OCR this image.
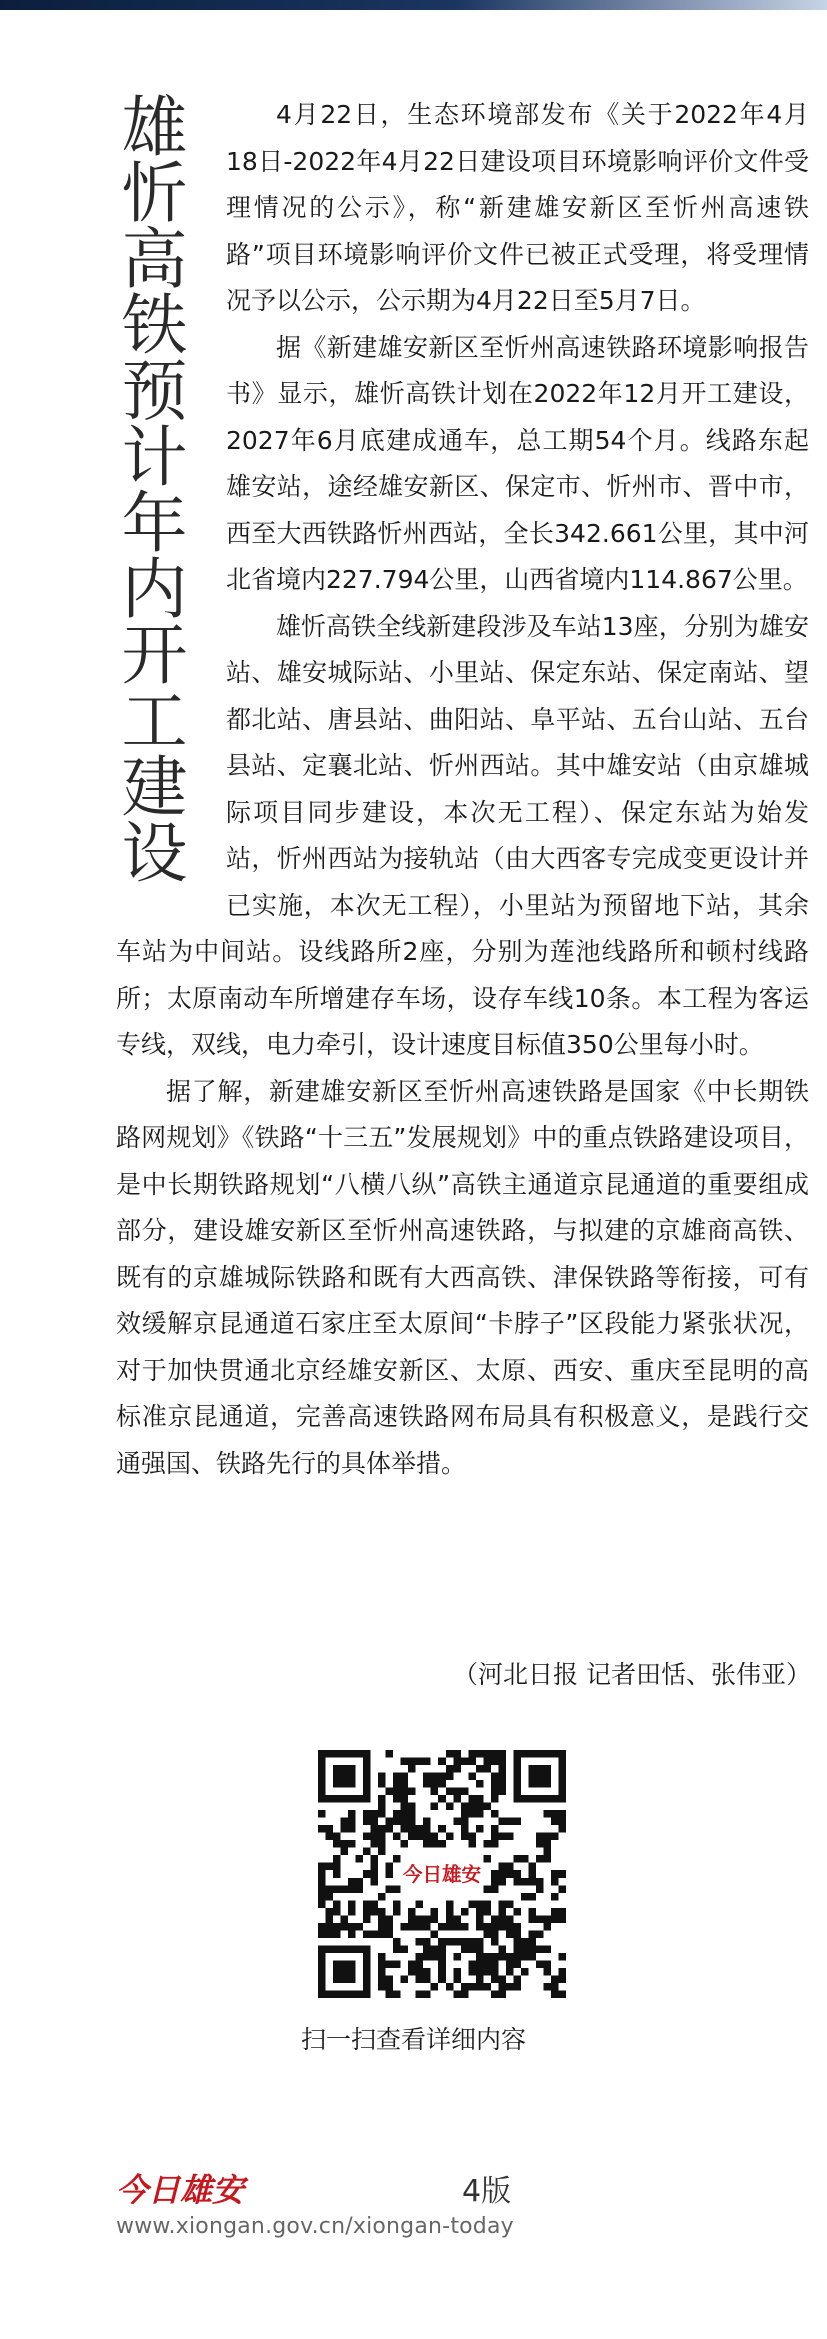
雄忻高铁预计年内开工建设	4月22日，生态环境部发布《关于2022年4月18日-2022年4月22日建设项目环境影响评价文件受理情况的公示》，称“新建雄安新区至忻州高速铁路”项目环境影响评价文件已被正式受理，将受理情况予以公示，公示期为4月22日至5月7日。

据《新建雄安新区至忻州高速铁路环境影响报告书》显示，雄忻高铁计划在2022年12月开工建设，2027年6月底建成通车，总工期54个月。线路东起雄安站，途经雄安新区、保定市、忻州市、晋中市，西至大西铁路忻州西站，全长342.661公里，其中河北省境内227.794公里，山西省境内114.867公里。

雄忻高铁全线新建段涉及车站13座，分别为雄安站、雄安城际站、小里站、保定东站、保定南站、望都北站、唐县站、曲阳站、阜平站、五台山站、五台县站、定襄北站、忻州西站。其中雄安站（由京雄城际项目同步建设，本次无工程）、保定东站为始发站，忻州西站为接轨站（由大西客专完成变更设计并已实施，本次无工程），小里站为预留地下站，其余车站为中间站。设线路所2座，分别为莲池线路所和顿村线路所；太原南动车所增建存车场，设存车线10条。本工程为客运专线，双线，电力牵引，设计速度目标值350公里每小时。

据了解，新建雄安新区至忻州高速铁路是国家《中长期铁路网规划》《铁路“十三五”发展规划》中的重点铁路建设项目，是中长期铁路规划“八横八纵”高铁主通道京昆通道的重要组成部分，建设雄安新区至忻州高速铁路，与拟建的京雄商高铁、既有的京雄城际铁路和既有大西高铁、津保铁路等衔接，可有效缓解京昆通道石家庄至太原间“卡脖子”区段能力紧张状况，对于加快贯通北京经雄安新区、太原、西安、重庆至昆明的高标准京昆通道，完善高速铁路网布局具有积极意义，是践行交通强国、铁路先行的具体举措。

（河北日报 记者田恬、张伟亚）
今日雄安
扫一扫查看详细内容
今日雄安	4版
www.xiongan.gov.cn/xiongan-today
